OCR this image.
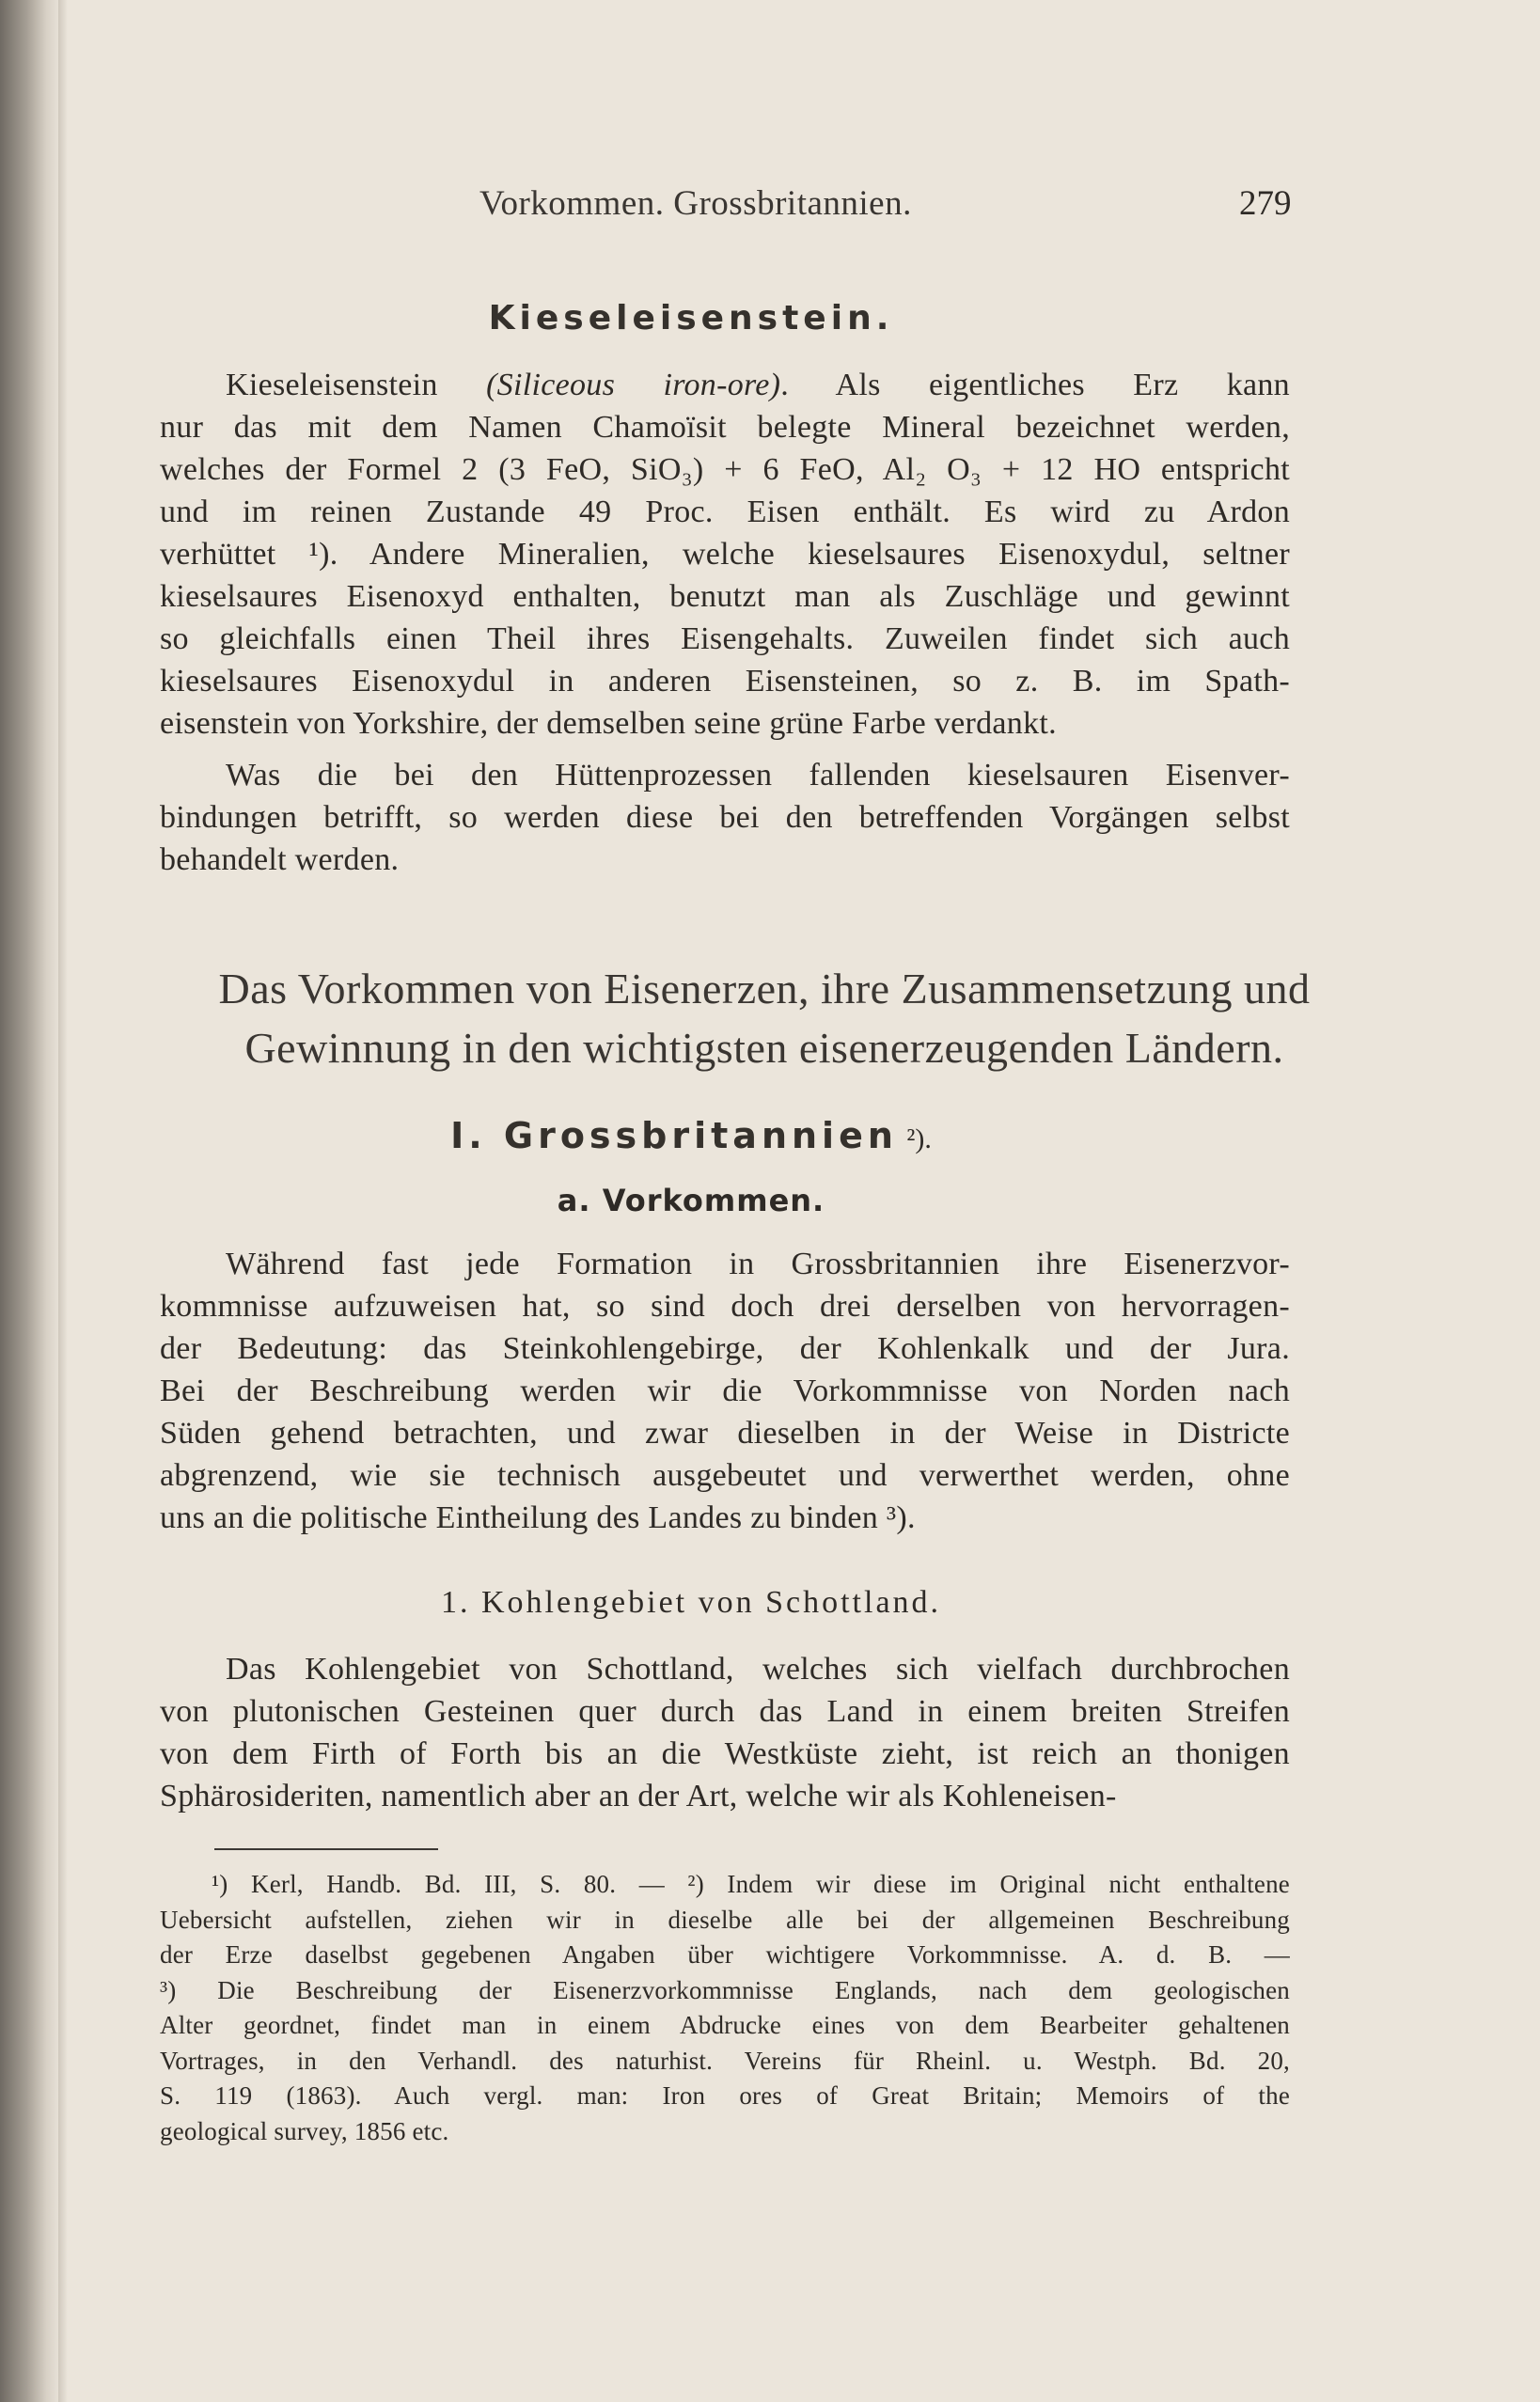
Vorkommen. Grossbritannien.	279
Kieseleisenstein.
Kieseleisenstein (Siliceous iron-ore). Als eigentliches Erz kann
nur das mit dem Namen Chamoïsit belegte Mineral bezeichnet werden,
welches der Formel 2 (3 FeO, SiO₃) + 6 FeO, Al₂ O₃ + 12 HO entspricht
und im reinen Zustande 49 Proc. Eisen enthält. Es wird zu Ardon
verhüttet ¹). Andere Mineralien, welche kieselsaures Eisenoxydul, seltner
kieselsaures Eisenoxyd enthalten, benutzt man als Zuschläge und gewinnt
so gleichfalls einen Theil ihres Eisengehalts. Zuweilen findet sich auch
kieselsaures Eisenoxydul in anderen Eisensteinen, so z. B. im Spath-
eisenstein von Yorkshire, der demselben seine grüne Farbe verdankt.
Was die bei den Hüttenprozessen fallenden kieselsauren Eisenver-
bindungen betrifft, so werden diese bei den betreffenden Vorgängen selbst
behandelt werden.
Das Vorkommen von Eisenerzen, ihre Zusammensetzung und
Gewinnung in den wichtigsten eisenerzeugenden Ländern.
I. Grossbritannien ²).
a. Vorkommen.
Während fast jede Formation in Grossbritannien ihre Eisenerzvor-
kommnisse aufzuweisen hat, so sind doch drei derselben von hervorragen-
der Bedeutung: das Steinkohlengebirge, der Kohlenkalk und der Jura.
Bei der Beschreibung werden wir die Vorkommnisse von Norden nach
Süden gehend betrachten, und zwar dieselben in der Weise in Districte
abgrenzend, wie sie technisch ausgebeutet und verwerthet werden, ohne
uns an die politische Eintheilung des Landes zu binden ³).
1. Kohlengebiet von Schottland.
Das Kohlengebiet von Schottland, welches sich vielfach durchbrochen
von plutonischen Gesteinen quer durch das Land in einem breiten Streifen
von dem Firth of Forth bis an die Westküste zieht, ist reich an thonigen
Sphärosideriten, namentlich aber an der Art, welche wir als Kohleneisen-
¹) Kerl, Handb. Bd. III, S. 80. — ²) Indem wir diese im Original nicht enthaltene
Uebersicht aufstellen, ziehen wir in dieselbe alle bei der allgemeinen Beschreibung
der Erze daselbst gegebenen Angaben über wichtigere Vorkommnisse. A. d. B. —
³) Die Beschreibung der Eisenerzvorkommnisse Englands, nach dem geologischen
Alter geordnet, findet man in einem Abdrucke eines von dem Bearbeiter gehaltenen
Vortrages, in den Verhandl. des naturhist. Vereins für Rheinl. u. Westph. Bd. 20,
S. 119 (1863). Auch vergl. man: Iron ores of Great Britain; Memoirs of the
geological survey, 1856 etc.
